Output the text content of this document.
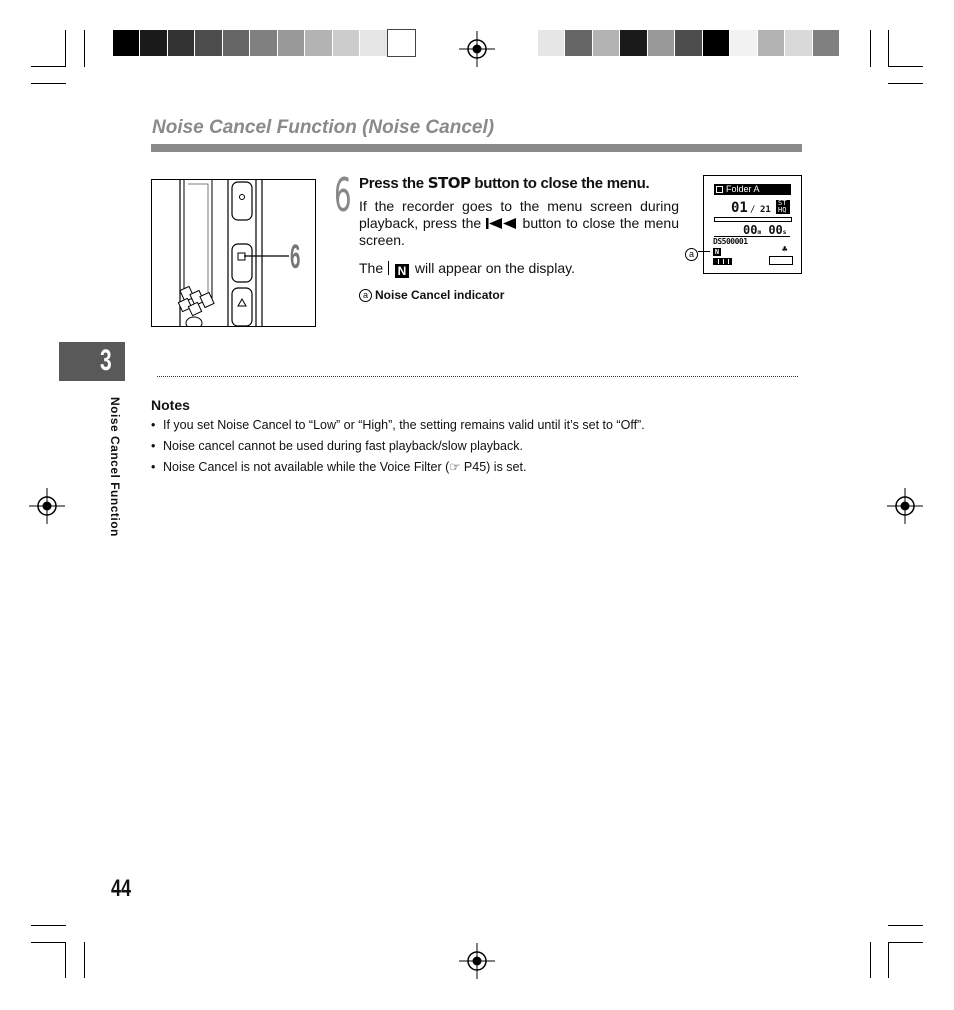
Noise Cancel Function (Noise Cancel)
6
6 Press the STOP button to close the menu.
If the recorder goes to the menu screen during playback, press the  button to close the menu screen.
The N will appear on the display.
a Noise Cancel indicator
Folder A
01 / 21
ST
HQ
00m 00s
DS500001
N	♣
a
3
Noise Cancel Function Notes
• If you set Noise Cancel to “Low” or “High”, the setting remains valid until it’s set to “Off”.
• Noise cancel cannot be used during fast playback/slow playback.
• Noise Cancel is not available while the Voice Filter (☞ P45) is set.
44
